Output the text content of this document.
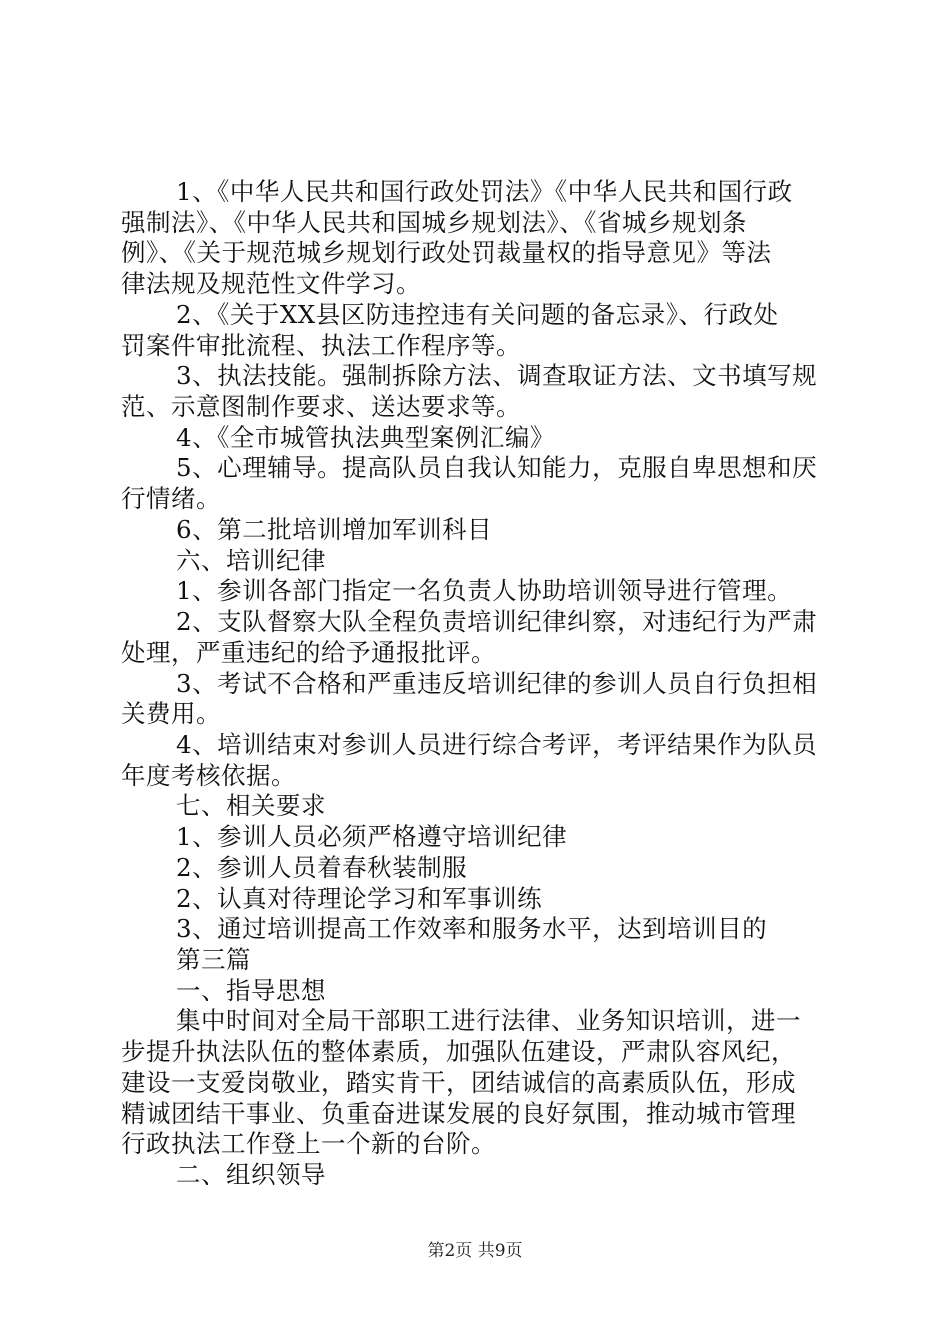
1、《中华人民共和国行政处罚法》《中华人民共和国行政
强制法》、《中华人民共和国城乡规划法》、《省城乡规划条
例》、《关于规范城乡规划行政处罚裁量权的指导意见》等法
律法规及规范性文件学习。
2、《关于XX县区防违控违有关问题的备忘录》、行政处
罚案件审批流程、执法工作程序等。
3、执法技能。强制拆除方法、调查取证方法、文书填写规
范、示意图制作要求、送达要求等。
4、《全市城管执法典型案例汇编》
5、心理辅导。提高队员自我认知能力，克服自卑思想和厌
行情绪。
6、第二批培训增加军训科目
六、培训纪律
1、参训各部门指定一名负责人协助培训领导进行管理。
2、支队督察大队全程负责培训纪律纠察，对违纪行为严肃
处理，严重违纪的给予通报批评。
3、考试不合格和严重违反培训纪律的参训人员自行负担相
关费用。
4、培训结束对参训人员进行综合考评，考评结果作为队员
年度考核依据。
七、相关要求
1、参训人员必须严格遵守培训纪律
2、参训人员着春秋装制服
2、认真对待理论学习和军事训练
3、通过培训提高工作效率和服务水平，达到培训目的
第三篇
一、指导思想
集中时间对全局干部职工进行法律、业务知识培训，进一
步提升执法队伍的整体素质，加强队伍建设，严肃队容风纪，
建设一支爱岗敬业，踏实肯干，团结诚信的高素质队伍，形成
精诚团结干事业、负重奋进谋发展的良好氛围，推动城市管理
行政执法工作登上一个新的台阶。
二、组织领导
第2页 共9页
